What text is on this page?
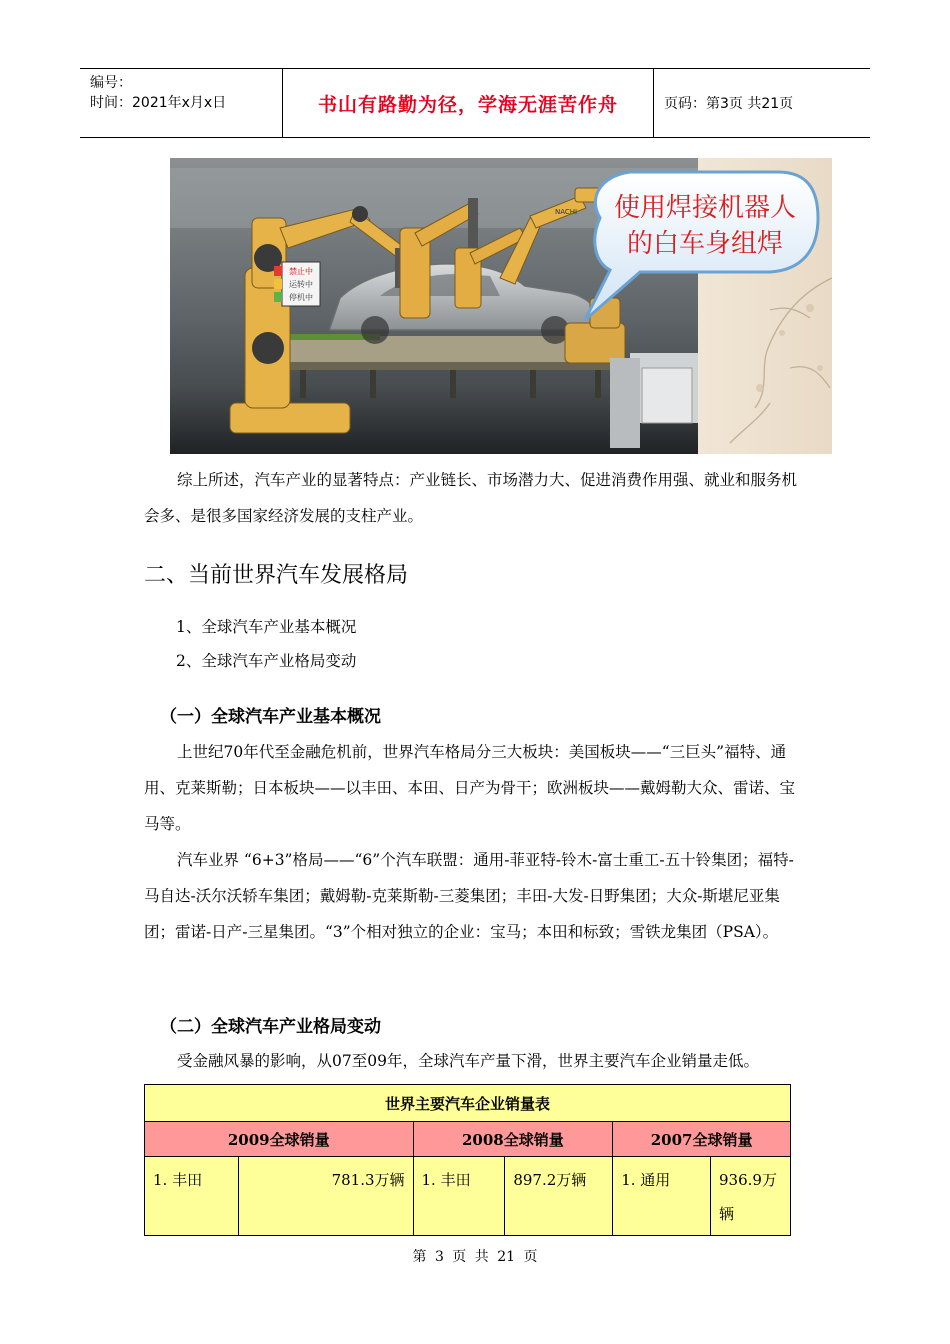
编号：
时间：2021年x月x日	书山有路勤为径，学海无涯苦作舟	页码：第3页 共21页
禁止中
运转中
停机中
NACHI 使用焊接机器人
的白车身组焊

综上所述，汽车产业的显著特点：产业链长、市场潜力大、促进消费作用强、就业和服务机会多、是很多国家经济发展的支柱产业。

二、当前世界汽车发展格局
1、全球汽车产业基本概况
2、全球汽车产业格局变动
（一）全球汽车产业基本概况

上世纪70年代至金融危机前，世界汽车格局分三大板块：美国板块——“三巨头”福特、通用、克莱斯勒；日本板块——以丰田、本田、日产为骨干；欧洲板块——戴姆勒大众、雷诺、宝马等。

汽车业界 “6+3”格局——“6”个汽车联盟：通用-菲亚特-铃木-富士重工-五十铃集团；福特-马自达-沃尔沃轿车集团；戴姆勒-克莱斯勒-三菱集团；丰田-大发-日野集团；大众-斯堪尼亚集团；雷诺-日产-三星集团。“3”个相对独立的企业：宝马；本田和标致；雪铁龙集团（PSA）。

（二）全球汽车产业格局变动

受金融风暴的影响，从07至09年，全球汽车产量下滑，世界主要汽车企业销量走低。

世界主要汽车企业销量表					
2009全球销量		2008全球销量		2007全球销量	
1. 丰田	781.3万辆	1. 丰田	897.2万辆	1. 通用	936.9万辆
第 3 页 共 21 页
